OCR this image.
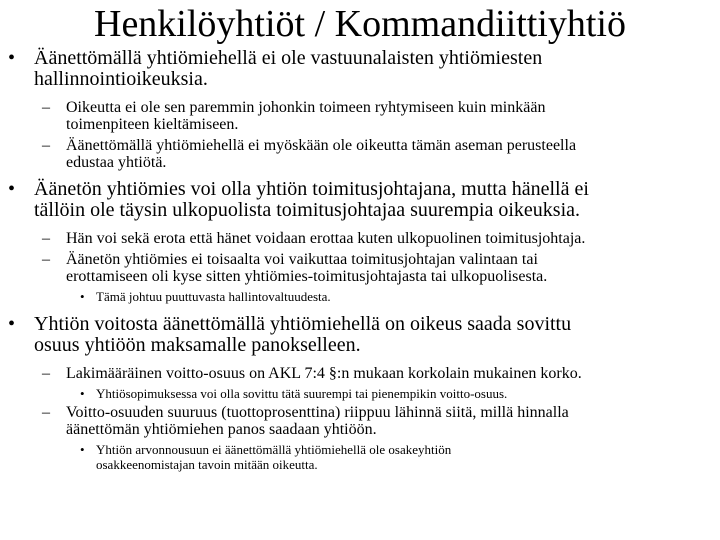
Henkilöyhtiöt / Kommandiittiyhtiö
• Äänettömällä yhtiömiehellä ei ole vastuunalaisten yhtiömiesten
hallinnointioikeuksia.
– Oikeutta ei ole sen paremmin johonkin toimeen ryhtymiseen kuin minkään
toimenpiteen kieltämiseen.
– Äänettömällä yhtiömiehellä ei myöskään ole oikeutta tämän aseman perusteella
edustaa yhtiötä.
• Äänetön yhtiömies voi olla yhtiön toimitusjohtajana, mutta hänellä ei
tällöin ole täysin ulkopuolista toimitusjohtajaa suurempia oikeuksia.
– Hän voi sekä erota että hänet voidaan erottaa kuten ulkopuolinen toimitusjohtaja.
– Äänetön yhtiömies ei toisaalta voi vaikuttaa toimitusjohtajan valintaan tai
erottamiseen oli kyse sitten yhtiömies-toimitusjohtajasta tai ulkopuolisesta.
• Tämä johtuu puuttuvasta hallintovaltuudesta.
• Yhtiön voitosta äänettömällä yhtiömiehellä on oikeus saada sovittu
osuus yhtiöön maksamalle panokselleen.
– Lakimääräinen voitto-osuus on AKL 7:4 §:n mukaan korkolain mukainen korko.
• Yhtiösopimuksessa voi olla sovittu tätä suurempi tai pienempikin voitto-osuus.
– Voitto-osuuden suuruus (tuottoprosenttina) riippuu lähinnä siitä, millä hinnalla
äänettömän yhtiömiehen panos saadaan yhtiöön.
• Yhtiön arvonnousuun ei äänettömällä yhtiömiehellä ole osakeyhtiön
osakkeenomistajan tavoin mitään oikeutta.
